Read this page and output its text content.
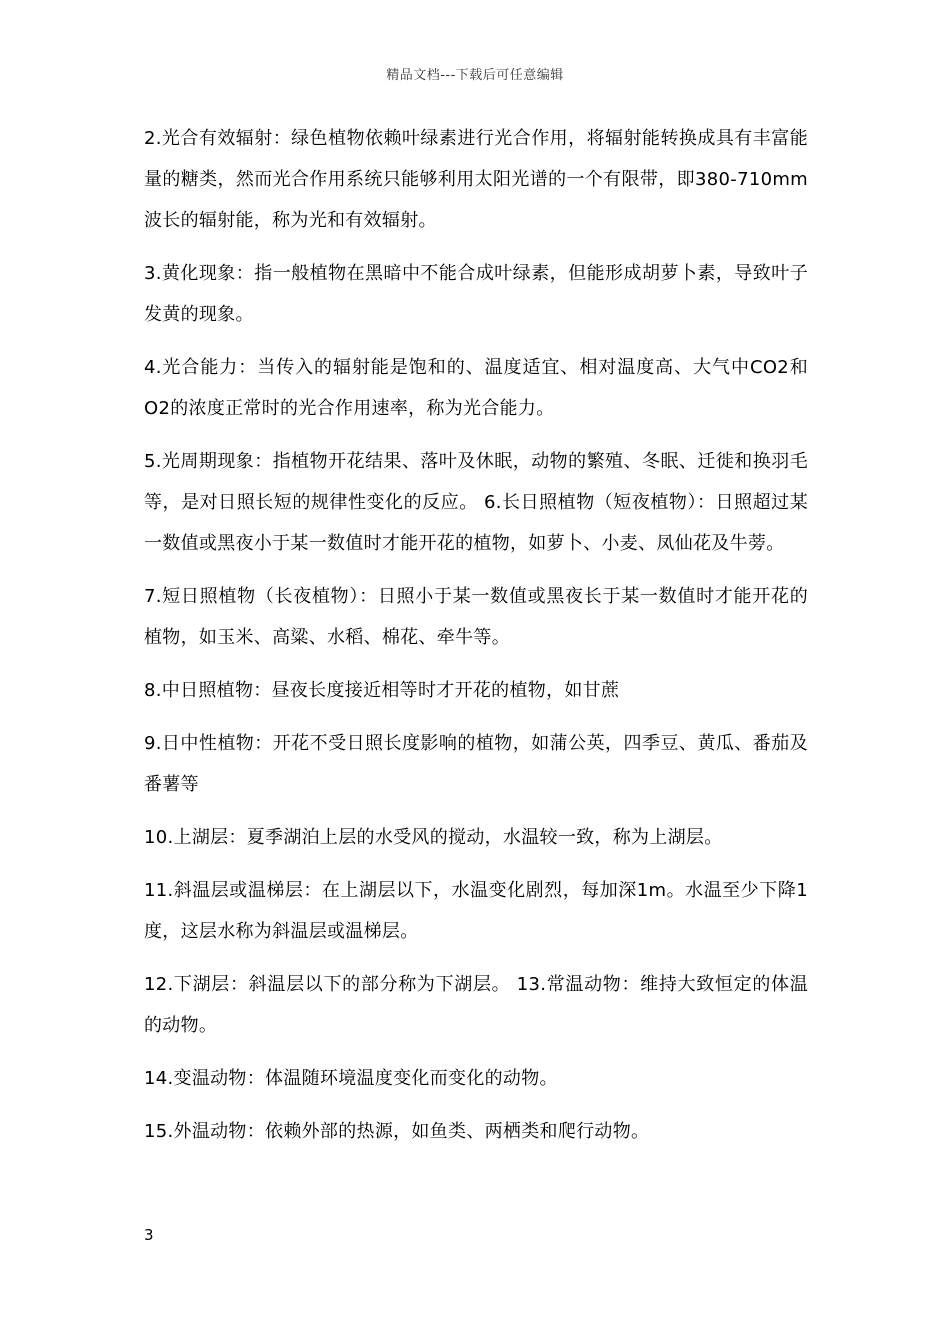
精品文档---下载后可任意编辑

2.光合有效辐射：绿色植物依赖叶绿素进行光合作用，将辐射能转换成具有丰富能量的糖类，然而光合作用系统只能够利用太阳光谱的一个有限带，即380-710mm波长的辐射能，称为光和有效辐射。

3.黄化现象：指一般植物在黑暗中不能合成叶绿素，但能形成胡萝卜素，导致叶子发黄的现象。

4.光合能力：当传入的辐射能是饱和的、温度适宜、相对温度高、大气中CO2和O2的浓度正常时的光合作用速率，称为光合能力。

5.光周期现象：指植物开花结果、落叶及休眠，动物的繁殖、冬眠、迁徙和换羽毛等，是对日照长短的规律性变化的反应。 6.长日照植物（短夜植物）：日照超过某一数值或黑夜小于某一数值时才能开花的植物，如萝卜、小麦、凤仙花及牛蒡。

7.短日照植物（长夜植物）：日照小于某一数值或黑夜长于某一数值时才能开花的植物，如玉米、高粱、水稻、棉花、牵牛等。

8.中日照植物：昼夜长度接近相等时才开花的植物，如甘蔗

9.日中性植物：开花不受日照长度影响的植物，如蒲公英，四季豆、黄瓜、番茄及番薯等

10.上湖层：夏季湖泊上层的水受风的搅动，水温较一致，称为上湖层。

11.斜温层或温梯层：在上湖层以下，水温变化剧烈，每加深1m。水温至少下降1度，这层水称为斜温层或温梯层。

12.下湖层：斜温层以下的部分称为下湖层。 13.常温动物：维持大致恒定的体温的动物。

14.变温动物：体温随环境温度变化而变化的动物。

15.外温动物：依赖外部的热源，如鱼类、两栖类和爬行动物。

3
